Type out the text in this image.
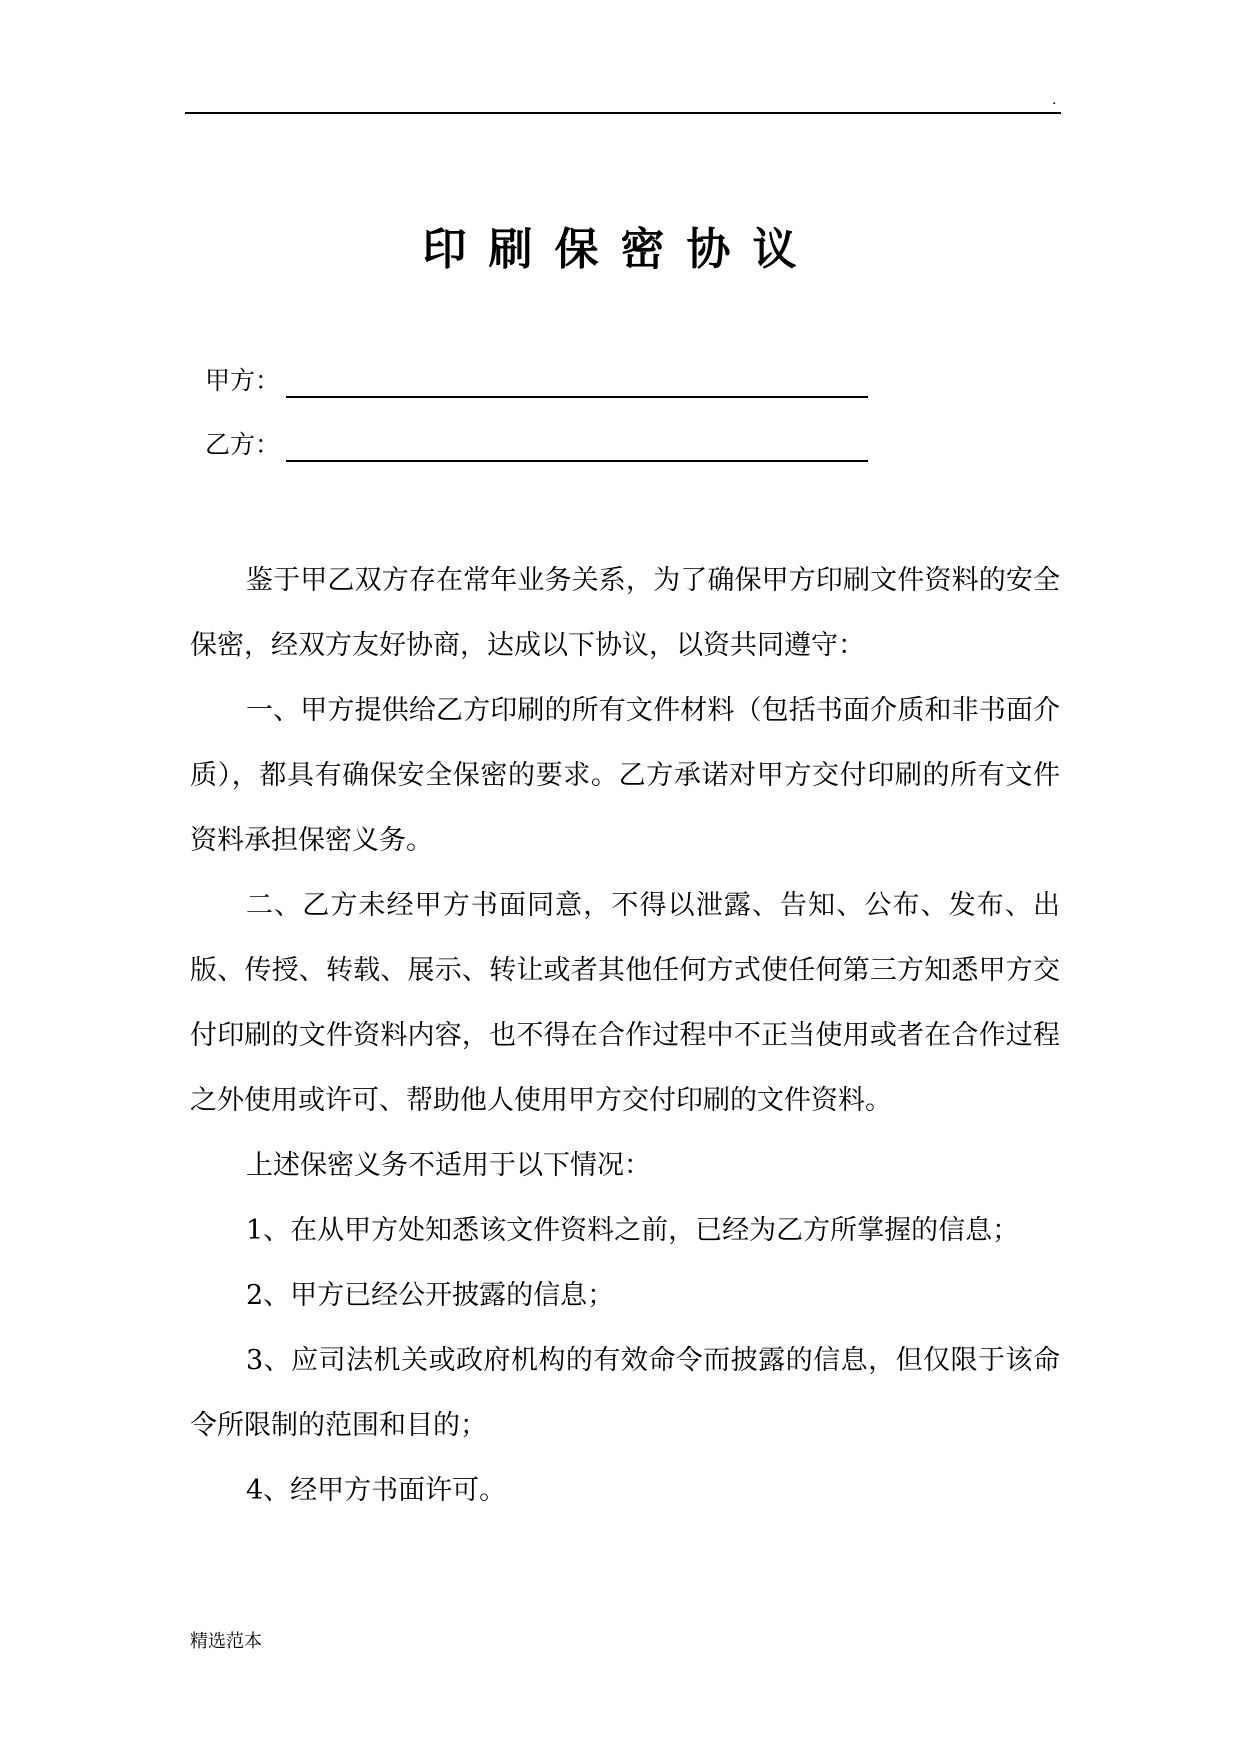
.
印刷保密协议
甲方：
乙方：

鉴于甲乙双方存在常年业务关系，为了确保甲方印刷文件资料的安全保密，经双方友好协商，达成以下协议，以资共同遵守：

一、甲方提供给乙方印刷的所有文件材料（包括书面介质和非书面介质），都具有确保安全保密的要求。乙方承诺对甲方交付印刷的所有文件资料承担保密义务。

二、乙方未经甲方书面同意，不得以泄露、告知、公布、发布、出版、传授、转载、展示、转让或者其他任何方式使任何第三方知悉甲方交付印刷的文件资料内容，也不得在合作过程中不正当使用或者在合作过程之外使用或许可、帮助他人使用甲方交付印刷的文件资料。

上述保密义务不适用于以下情况：

1、在从甲方处知悉该文件资料之前，已经为乙方所掌握的信息；

2、甲方已经公开披露的信息；

3、应司法机关或政府机构的有效命令而披露的信息，但仅限于该命令所限制的范围和目的；

4、经甲方书面许可。

精选范本
